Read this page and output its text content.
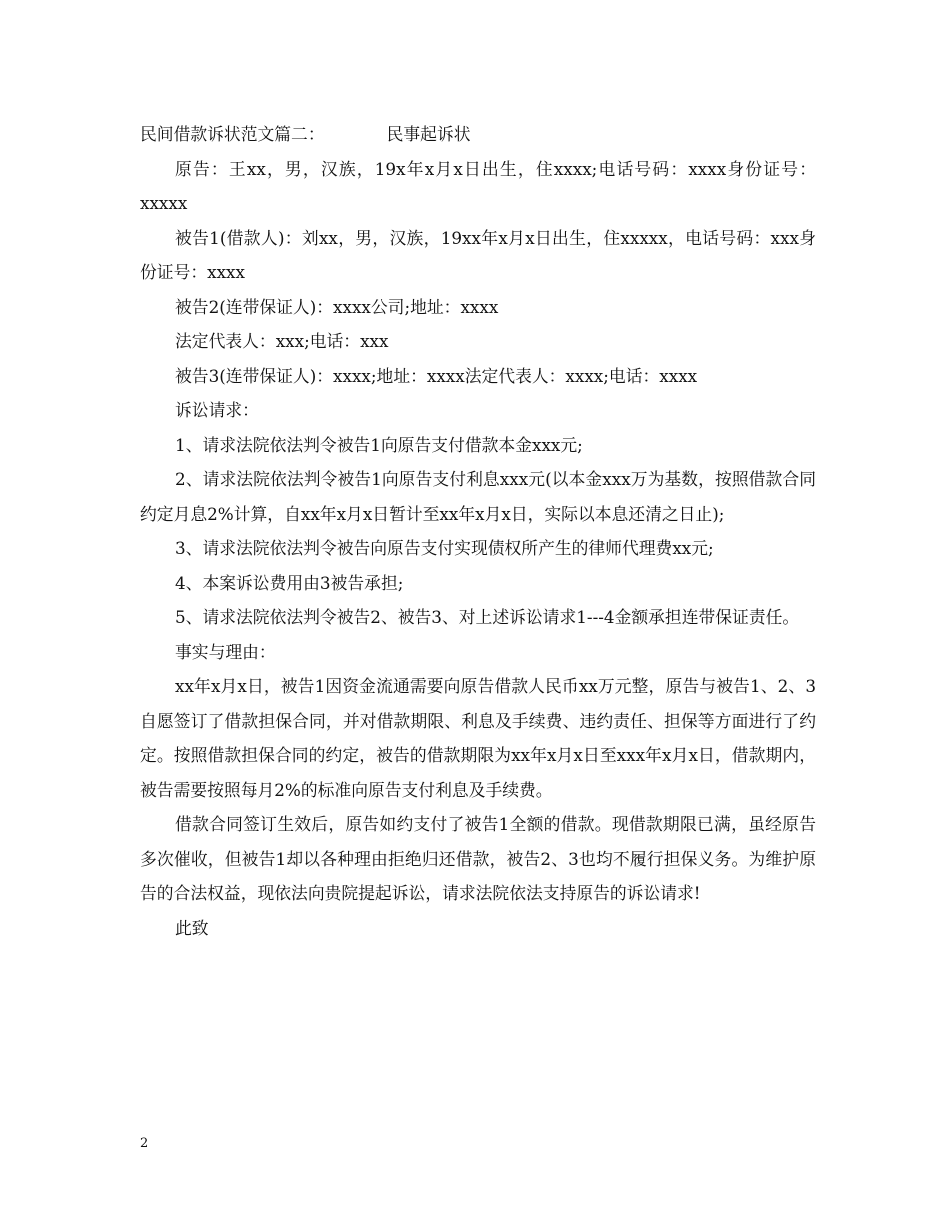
民间借款诉状范文篇二：	民事起诉状

原告：王xx，男，汉族，19x年x月x日出生，住xxxx;电话号码：xxxx身份证号：xxxxx

被告1(借款人)：刘xx，男，汉族，19xx年x月x日出生，住xxxxx，电话号码：xxx身份证号：xxxx

被告2(连带保证人)：xxxx公司;地址：xxxx

法定代表人：xxx;电话：xxx

被告3(连带保证人)：xxxx;地址：xxxx法定代表人：xxxx;电话：xxxx

诉讼请求：

1、请求法院依法判令被告1向原告支付借款本金xxx元;

2、请求法院依法判令被告1向原告支付利息xxx元(以本金xxx万为基数，按照借款合同约定月息2%计算，自xx年x月x日暂计至xx年x月x日，实际以本息还清之日止);

3、请求法院依法判令被告向原告支付实现债权所产生的律师代理费xx元;

4、本案诉讼费用由3被告承担;

5、请求法院依法判令被告2、被告3、对上述诉讼请求1---4金额承担连带保证责任。

事实与理由：

xx年x月x日，被告1因资金流通需要向原告借款人民币xx万元整，原告与被告1、2、3自愿签订了借款担保合同，并对借款期限、利息及手续费、违约责任、担保等方面进行了约定。按照借款担保合同的约定，被告的借款期限为xx年x月x日至xxx年x月x日，借款期内，被告需要按照每月2%的标准向原告支付利息及手续费。

借款合同签订生效后，原告如约支付了被告1全额的借款。现借款期限已满，虽经原告多次催收，但被告1却以各种理由拒绝归还借款，被告2、3也均不履行担保义务。为维护原告的合法权益，现依法向贵院提起诉讼，请求法院依法支持原告的诉讼请求!

此致

2
